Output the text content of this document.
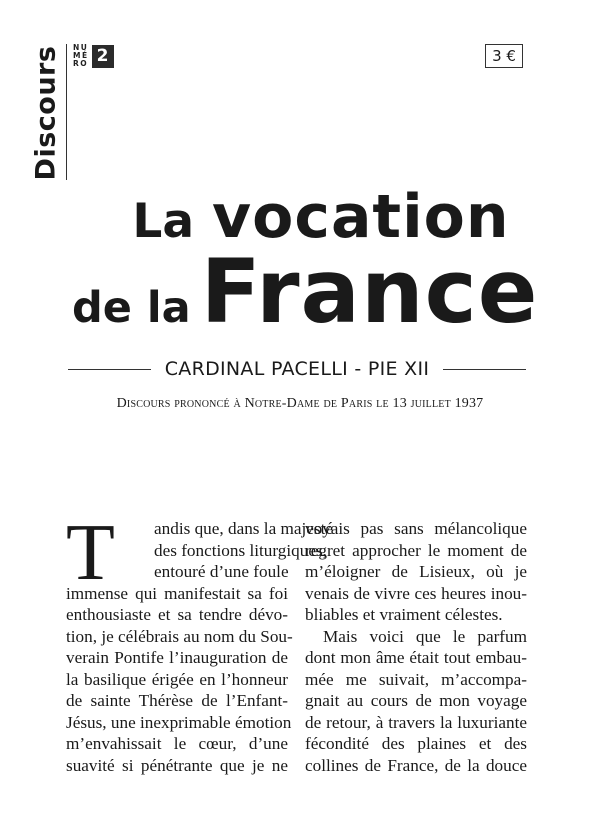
Discours NU
MÉ
RO 2	3 €
La vocation
de la France
CARDINAL PACELLI - PIE XII
Discours prononcé à Notre-Dame de Paris le 13 juillet 1937
T	andis que, dans la majesté
des fonctions liturgiques,
entouré d’une foule
immense qui manifestait sa foi
enthousiaste et sa tendre dévo-
tion, je célébrais au nom du Sou-
verain Pontife l’inauguration de
la basilique érigée en l’honneur
de sainte Thérèse de l’Enfant-
Jésus, une inexprimable émotion
m’envahissait le cœur, d’une
suavité si pénétrante que je ne
voyais pas sans mélancolique
regret approcher le moment de
m’éloigner de Lisieux, où je
venais de vivre ces heures inou-
bliables et vraiment célestes.
Mais voici que le parfum
dont mon âme était tout embau-
mée me suivait, m’accompa-
gnait au cours de mon voyage
de retour, à travers la luxuriante
fécondité des plaines et des
collines de France, de la douce
